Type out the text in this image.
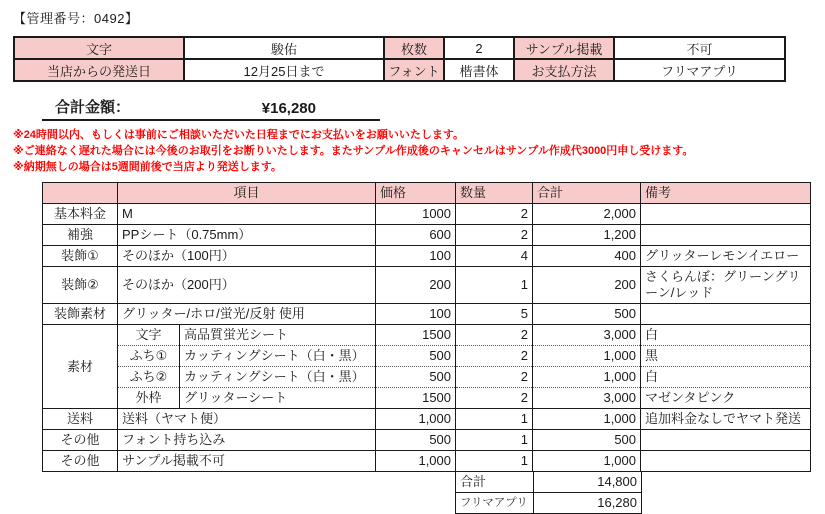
【管理番号：0492】
文字	駿佑	枚数	2	サンプル掲載	不可
当店からの発送日	12月25日まで	フォント	楷書体	お支払方法	フリマアプリ
合計金額：	¥16,280
※24時間以内、もしくは事前にご相談いただいた日程までにお支払いをお願いいたします。
※ご連絡なく遅れた場合には今後のお取引をお断りいたします。またサンプル作成後のキャンセルはサンプル作成代3000円申し受けます。
※納期無しの場合は5週間前後で当店より発送します。
	項目		価格	数量	合計	備考
基本料金	M		1000	2	2,000	
補強	PPシート（0.75mm）		600	2	1,200	
装飾①	そのほか（100円）		100	4	400	グリッターレモンイエロー
装飾②	そのほか（200円）		200	1	200	さくらんぼ：グリーングリーン/レッド
装飾素材	グリッター/ホロ/蛍光/反射 使用		100	5	500	
素材	文字	高品質蛍光シート	1500	2	3,000	白
	ふち①	カッティングシート（白・黒）	500	2	1,000	黒
	ふち②	カッティングシート（白・黒）	500	2	1,000	白
	外枠	グリッターシート	1500	2	3,000	マゼンタピンク
送料	送料（ヤマト便）		1,000	1	1,000	追加料金なしでヤマト発送
その他	フォント持ち込み		500	1	500	
その他	サンプル掲載不可		1,000	1	1,000	
合計	14,800
フリマアプリ	16,280
